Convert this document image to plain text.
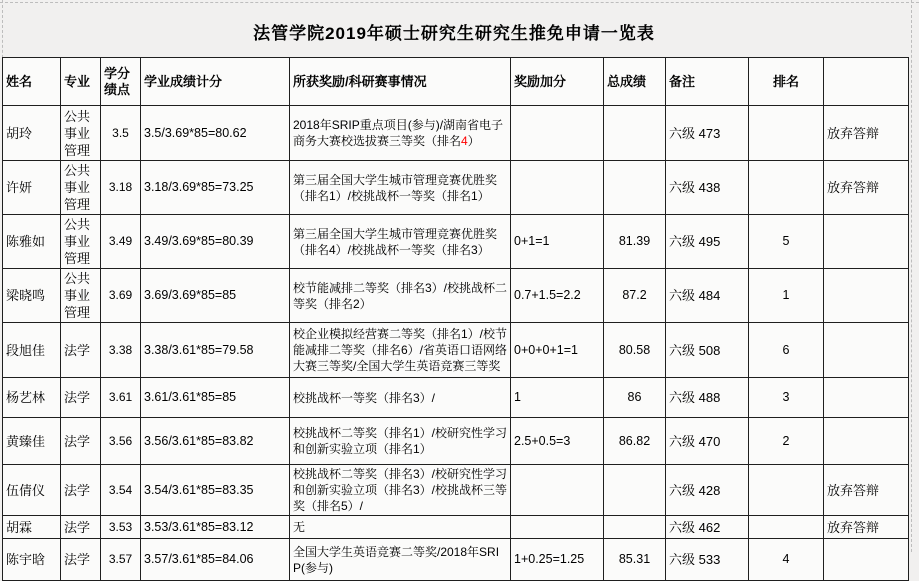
法管学院2019年硕士研究生研究生推免申请一览表
姓名	专业	学分绩点	学业成绩计分	所获奖励/科研赛事情况	奖励加分	总成绩	备注	排名	
胡玲	公共事业管理	3.5	3.5/3.69*85=80.62	2018年SRIP重点项目(参与)/湖南省电子商务大赛校选拔赛三等奖（排名4）			六级 473		放弃答辩
许妍	公共事业管理	3.18	3.18/3.69*85=73.25	第三届全国大学生城市管理竞赛优胜奖（排名1）/校挑战杯一等奖（排名1）			六级 438		放弃答辩
陈雅如	公共事业管理	3.49	3.49/3.69*85=80.39	第三届全国大学生城市管理竞赛优胜奖（排名4）/校挑战杯一等奖（排名3）	0+1=1	81.39	六级 495	5	
梁晓鸣	公共事业管理	3.69	3.69/3.69*85=85	校节能减排二等奖（排名3）/校挑战杯二等奖（排名2）	0.7+1.5=2.2	87.2	六级 484	1	
段旭佳	法学	3.38	3.38/3.61*85=79.58	校企业模拟经营赛二等奖（排名1）/校节能减排二等奖（排名6）/省英语口语网络大赛三等奖/全国大学生英语竞赛三等奖	0+0+0+1=1	80.58	六级 508	6	
杨艺林	法学	3.61	3.61/3.61*85=85	校挑战杯一等奖（排名3）/	1	86	六级 488	3	
黄臻佳	法学	3.56	3.56/3.61*85=83.82	校挑战杯二等奖（排名1）/校研究性学习和创新实验立项（排名1）	2.5+0.5=3	86.82	六级 470	2	
伍倩仪	法学	3.54	3.54/3.61*85=83.35	校挑战杯二等奖（排名3）/校研究性学习和创新实验立项（排名3）/校挑战杯三等奖（排名5）/			六级 428		放弃答辩
胡霖	法学	3.53	3.53/3.61*85=83.12	无			六级 462		放弃答辩
陈宇晗	法学	3.57	3.57/3.61*85=84.06	全国大学生英语竞赛二等奖/2018年SRIP(参与)	1+0.25=1.25	85.31	六级 533	4	
